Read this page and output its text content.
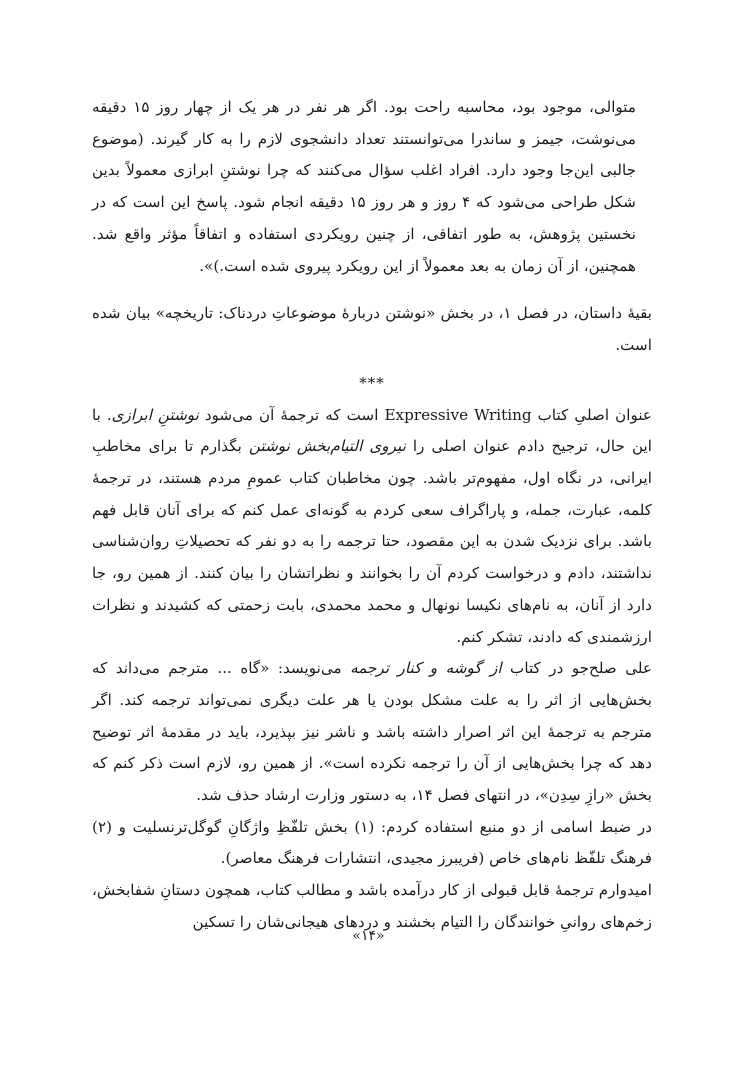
متوالی، موجود بود، محاسبه راحت بود. اگر هر نفر در هر یک از چهار روز ۱۵ دقیقه می‌نوشت، جیمز و ساندرا می‌توانستند تعداد دانشجوی لازم را به کار گیرند. (موضوع جالبی این‌جا وجود دارد. افراد اغلب سؤال می‌کنند که چرا نوشتنِ ابرازی معمولاً بدین شکل طراحی می‌شود که ۴ روز و هر روز ۱۵ دقیقه انجام شود. پاسخ این است که در نخستین پژوهش، به طور اتفاقی، از چنین رویکردی استفاده و اتفاقاً مؤثر واقع شد. همچنین، از آن زمان به بعد معمولاً از این رویکرد پیروی شده است.)».

بقیهٔ داستان، در فصل ۱، در بخش «نوشتن دربارهٔ موضوعاتِ دردناک: تاریخچه» بیان شده است.

***

عنوان اصلیِ کتاب Expressive Writing است که ترجمهٔ آن می‌شود نوشتنِ ابرازی. با این حال، ترجیح دادم عنوان اصلی را نیروی التیام‌بخش نوشتن بگذارم تا برای مخاطبِ ایرانی، در نگاه اول، مفهوم‌تر باشد. چون مخاطبان کتاب عمومِ مردم هستند، در ترجمهٔ کلمه، عبارت، جمله، و پاراگراف سعی کردم به گونه‌ای عمل کنم که برای آنان قابل فهم باشد. برای نزدیک شدن به این مقصود، حتا ترجمه را به دو نفر که تحصیلاتِ روان‌شناسی نداشتند، دادم و درخواست کردم آن را بخوانند و نظراتشان را بیان کنند. از همین رو، جا دارد از آنان، به نام‌های نکیسا نونهال و محمد محمدی، بابت زحمتی که کشیدند و نظرات ارزشمندی که دادند، تشکر کنم.

علی صلح‌جو در کتاب از گوشه و کنار ترجمه می‌نویسد: «گاه ... مترجم می‌داند که بخش‌هایی از اثر را به علت مشکل بودن یا هر علت دیگری نمی‌تواند ترجمه کند. اگر مترجم به ترجمهٔ این اثر اصرار داشته باشد و ناشر نیز بپذیرد، باید در مقدمهٔ اثر توضیح دهد که چرا بخش‌هایی از آن را ترجمه نکرده است». از همین رو، لازم است ذکر کنم که بخش «رازِ سِدِن»، در انتهای فصل ۱۴، به دستور وزارت ارشاد حذف شد.

در ضبط اسامی از دو منبع استفاده کردم: (۱) بخش تلفّظِ واژگانِ گوگل‌ترنسلیت و (۲) فرهنگ تلفّظ نام‌های خاص (فریبرز مجیدی، انتشارات فرهنگ معاصر).

امیدوارم ترجمهٔ قابل قبولی از کار درآمده باشد و مطالب کتاب، همچون دستانِ شفابخش، زخم‌های روانیِ خوانندگان را التیام بخشند و دردهای هیجانی‌شان را تسکین

«۱۴»
